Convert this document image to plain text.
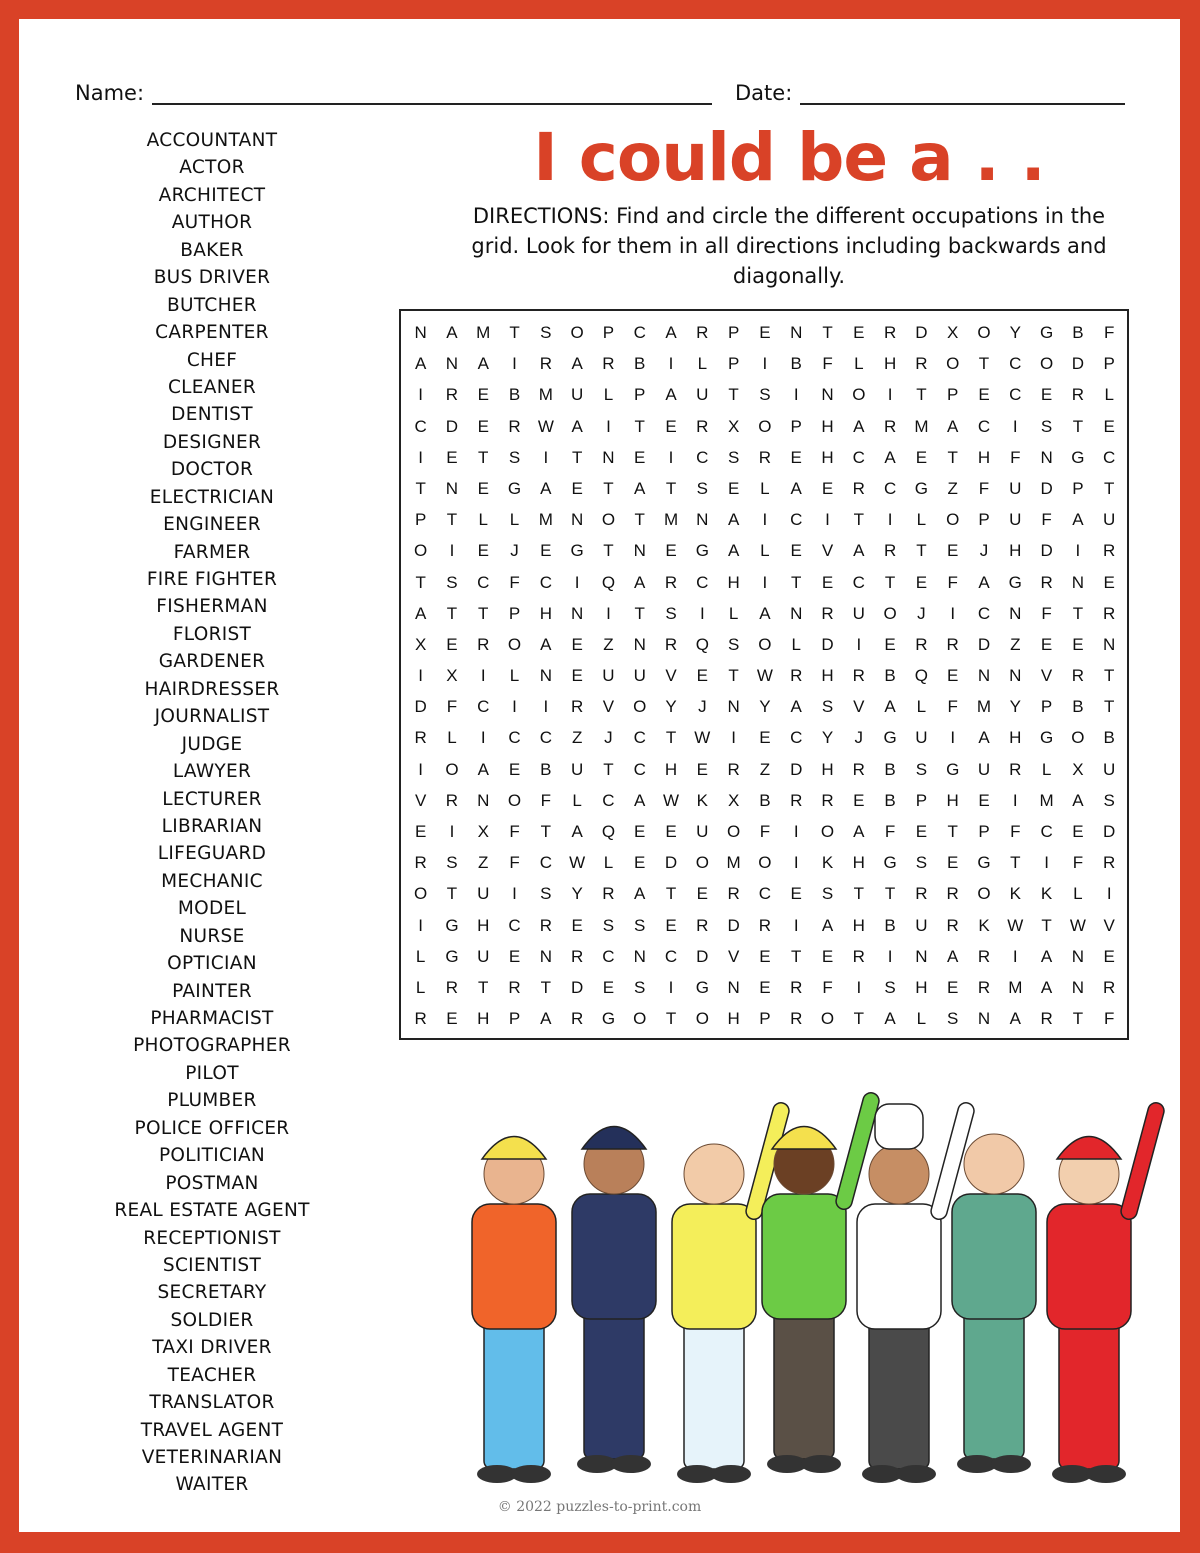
Name:	Date:
ACCOUNTANT
ACTOR
ARCHITECT
AUTHOR
BAKER
BUS DRIVER
BUTCHER
CARPENTER
CHEF
CLEANER
DENTIST
DESIGNER
DOCTOR
ELECTRICIAN
ENGINEER
FARMER
FIRE FIGHTER
FISHERMAN
FLORIST
GARDENER
HAIRDRESSER
JOURNALIST
JUDGE
LAWYER
LECTURER
LIBRARIAN
LIFEGUARD
MECHANIC
MODEL
NURSE
OPTICIAN
PAINTER
PHARMACIST
PHOTOGRAPHER
PILOT
PLUMBER
POLICE OFFICER
POLITICIAN
POSTMAN
REAL ESTATE AGENT
RECEPTIONIST
SCIENTIST
SECRETARY
SOLDIER
TAXI DRIVER
TEACHER
TRANSLATOR
TRAVEL AGENT
VETERINARIAN
WAITER
I could be a . .
DIRECTIONS: Find and circle the different occupations in the grid. Look for them in all directions including backwards and diagonally.
N	A	M	T	S	O	P	C	A	R	P	E	N	T	E	R	D	X	O	Y	G	B	F
A	N	A	I	R	A	R	B	I	L	P	I	B	F	L	H	R	O	T	C	O	D	P
I	R	E	B	M	U	L	P	A	U	T	S	I	N	O	I	T	P	E	C	E	R	L
C	D	E	R	W	A	I	T	E	R	X	O	P	H	A	R	M	A	C	I	S	T	E
I	E	T	S	I	T	N	E	I	C	S	R	E	H	C	A	E	T	H	F	N	G	C
T	N	E	G	A	E	T	A	T	S	E	L	A	E	R	C	G	Z	F	U	D	P	T
P	T	L	L	M	N	O	T	M	N	A	I	C	I	T	I	L	O	P	U	F	A	U
O	I	E	J	E	G	T	N	E	G	A	L	E	V	A	R	T	E	J	H	D	I	R
T	S	C	F	C	I	Q	A	R	C	H	I	T	E	C	T	E	F	A	G	R	N	E
A	T	T	P	H	N	I	T	S	I	L	A	N	R	U	O	J	I	C	N	F	T	R
X	E	R	O	A	E	Z	N	R	Q	S	O	L	D	I	E	R	R	D	Z	E	E	N
I	X	I	L	N	E	U	U	V	E	T	W	R	H	R	B	Q	E	N	N	V	R	T
D	F	C	I	I	R	V	O	Y	J	N	Y	A	S	V	A	L	F	M	Y	P	B	T
R	L	I	C	C	Z	J	C	T	W	I	E	C	Y	J	G	U	I	A	H	G	O	B
I	O	A	E	B	U	T	C	H	E	R	Z	D	H	R	B	S	G	U	R	L	X	U
V	R	N	O	F	L	C	A	W	K	X	B	R	R	E	B	P	H	E	I	M	A	S
E	I	X	F	T	A	Q	E	E	U	O	F	I	O	A	F	E	T	P	F	C	E	D
R	S	Z	F	C	W	L	E	D	O	M	O	I	K	H	G	S	E	G	T	I	F	R
O	T	U	I	S	Y	R	A	T	E	R	C	E	S	T	T	R	R	O	K	K	L	I
I	G	H	C	R	E	S	S	E	R	D	R	I	A	H	B	U	R	K	W	T	W	V
L	G	U	E	N	R	C	N	C	D	V	E	T	E	R	I	N	A	R	I	A	N	E
L	R	T	R	T	D	E	S	I	G	N	E	R	F	I	S	H	E	R	M	A	N	R
R	E	H	P	A	R	G	O	T	O	H	P	R	O	T	A	L	S	N	A	R	T	F
© 2022 puzzles-to-print.com
